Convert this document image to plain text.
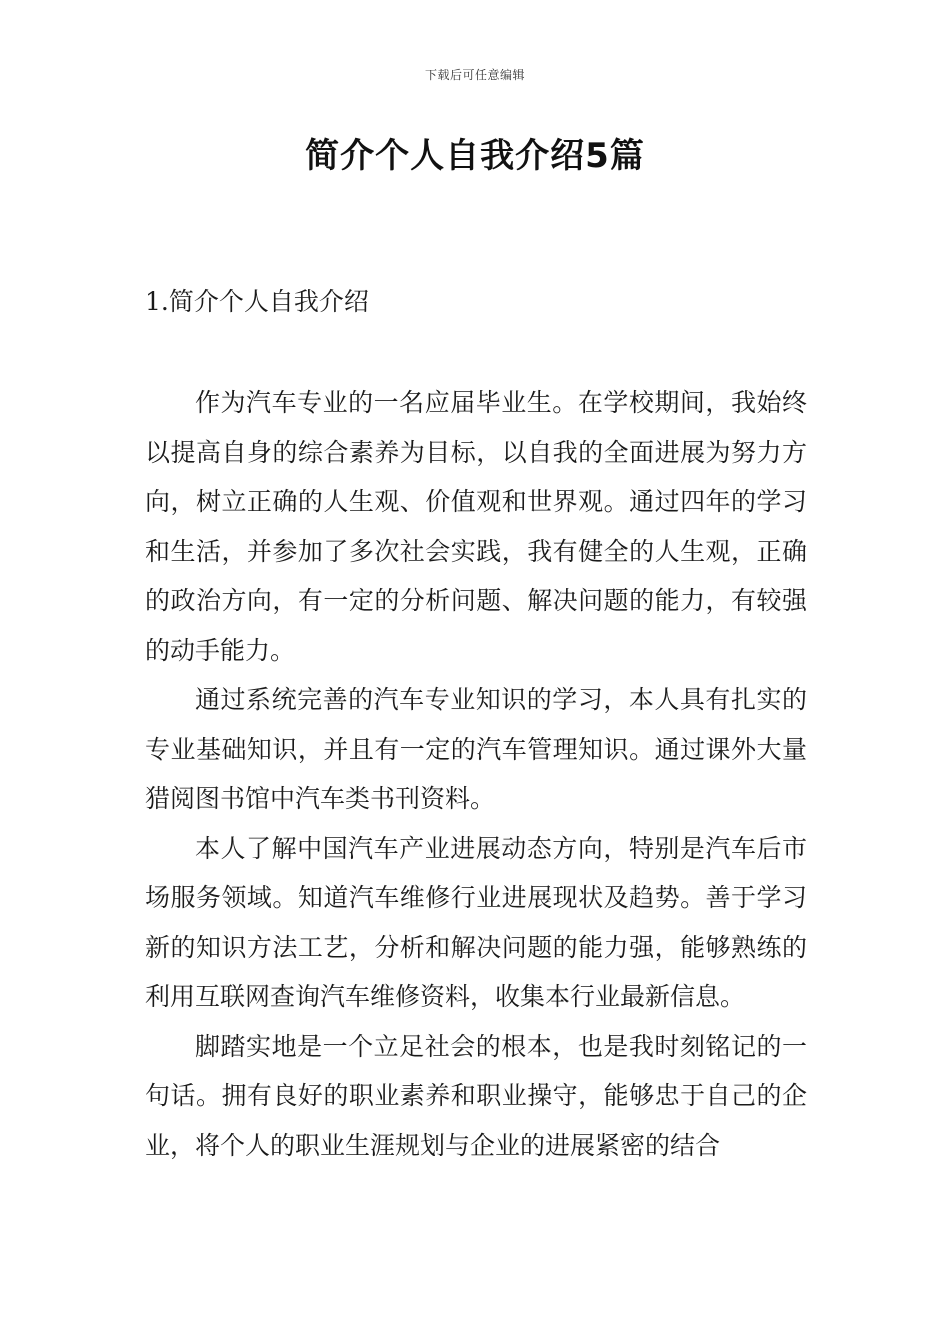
下载后可任意编辑
简介个人自我介绍5篇
1.简介个人自我介绍

作为汽车专业的一名应届毕业生。在学校期间，我始终以提高自身的综合素养为目标，以自我的全面进展为努力方向，树立正确的人生观、价值观和世界观。通过四年的学习和生活，并参加了多次社会实践，我有健全的人生观，正确的政治方向，有一定的分析问题、解决问题的能力，有较强的动手能力。

通过系统完善的汽车专业知识的学习，本人具有扎实的专业基础知识，并且有一定的汽车管理知识。通过课外大量猎阅图书馆中汽车类书刊资料。

本人了解中国汽车产业进展动态方向，特别是汽车后市场服务领域。知道汽车维修行业进展现状及趋势。善于学习新的知识方法工艺，分析和解决问题的能力强，能够熟练的利用互联网查询汽车维修资料，收集本行业最新信息。

脚踏实地是一个立足社会的根本，也是我时刻铭记的一句话。拥有良好的职业素养和职业操守，能够忠于自己的企业，将个人的职业生涯规划与企业的进展紧密的结合
